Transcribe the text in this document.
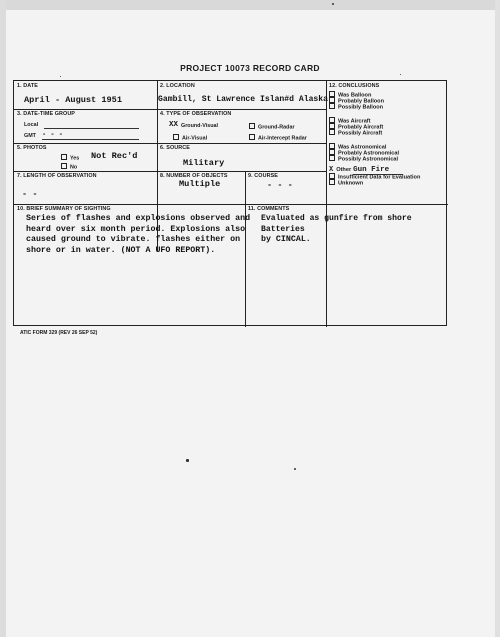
PROJECT 10073 RECORD CARD
1. DATE
April - August 1951
2. LOCATION
Gambill, St Lawrence Islan#d Alaska
3. DATE-TIME GROUP
Local
GMT - - -
4. TYPE OF OBSERVATION
XX Ground-Visual	Ground-Radar
Air-Visual	Air-Intercept Radar
5. PHOTOS
Yes Not Rec'd
No
6. SOURCE
Military
7. LENGTH OF OBSERVATION
- -
8. NUMBER OF OBJECTS
Multiple
9. COURSE
- - -
12. CONCLUSIONS
Was Balloon
Probably Balloon
Possibly Balloon
Was Aircraft
Probably Aircraft
Possibly Aircraft
Was Astronomical
Probably Astronomical
Possibly Astronomical
X Other Gun Fire
Insufficient Data for Evaluation
Unknown
10. BRIEF SUMMARY OF SIGHTING
Series of flashes and explosions observed and
heard over six month period. Explosions also
caused ground to vibrate. flashes either on
shore or in water. (NOT A UFO REPORT).
11. COMMENTS
Evaluated as gunfire from shore Batteries
by CINCAL.
ATIC FORM 329 (REV 26 SEP 52)
